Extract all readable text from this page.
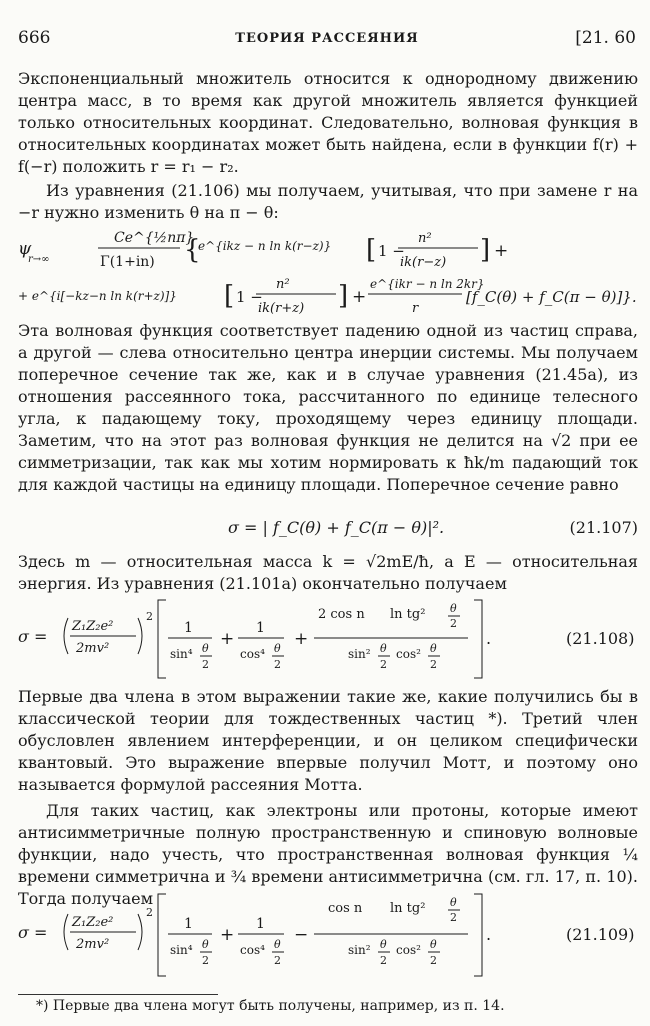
666	ТЕОРИЯ РАССЕЯНИЯ	[21. 60
Экспоненциальный множитель относится к однородному движению центра масс, в то время как другой множитель является функцией только относительных координат. Следовательно, волновая функция в относительных координатах может быть найдена, если в функции f(r) + f(−r) положить r = r₁ − r₂.
Из уравнения (21.106) мы получаем, учитывая, что при замене r на −r нужно изменить θ на π − θ:
ψ
r→∞
Ce^{½nπ}
Γ(1+in) {
e^{ikz − n ln k(r−z)} [ 1 −
n²
ik(r−z) ] +
+ e^{i[−kz−n ln k(r+z)]} [ 1 −
n²
ik(r+z) ] +
e^{ikr − n ln 2kr}
r
[f_C(θ) + f_C(π − θ)]}.
Эта волновая функция соответствует падению одной из частиц справа, а другой — слева относительно центра инерции системы. Мы получаем поперечное сечение так же, как и в случае уравнения (21.45а), из отношения рассеянного тока, рассчитанного по единице телесного угла, к падающему току, проходящему через единицу площади. Заметим, что на этот раз волновая функция не делится на √2 при ее симметризации, так как мы хотим нормировать к ħk/m падающий ток для каждой частицы на единицу площади. Поперечное сечение равно
σ = | f_C(θ) + f_C(π − θ)|².	(21.107)
Здесь m — относительная масса k = √2mE/ħ, а E — относительная энергия. Из уравнения (21.101а) окончательно получаем
σ =
Z₁Z₂e²
2mv²
2
1
sin⁴ θ
2
+
1
cos⁴ θ
2
+
2 cos n ln tg² θ
2
sin² θ
2
cos² θ
2
.	(21.108)
Первые два члена в этом выражении такие же, какие получились бы в классической теории для тождественных частиц *). Третий член обусловлен явлением интерференции, и он целиком специфически квантовый. Это выражение впервые получил Мотт, и поэтому оно называется формулой рассеяния Мотта.
Для таких частиц, как электроны или протоны, которые имеют антисимметричные полную пространственную и спиновую волновые функции, надо учесть, что пространственная волновая функция ¼ времени симметрична и ¾ времени антисимметрична (см. гл. 17, п. 10). Тогда получаем
σ =
Z₁Z₂e²
2mv²
2
1
sin⁴ θ
2
+
1
cos⁴ θ
2
−
cos n ln tg² θ
2
sin² θ
2
cos² θ
2
.	(21.109)
*) Первые два члена могут быть получены, например, из п. 14.
